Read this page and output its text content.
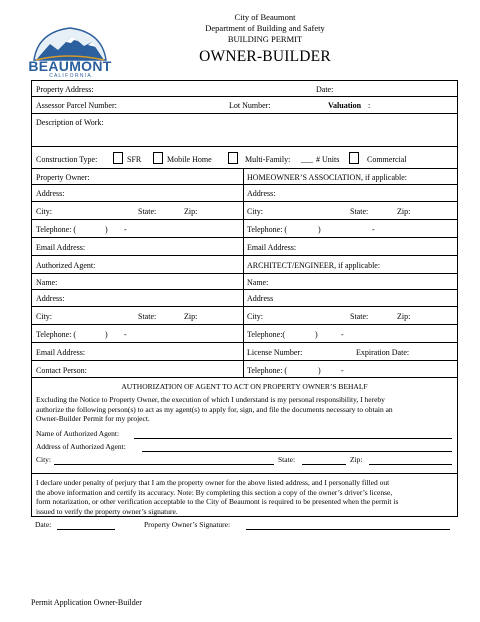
BEAUMONT
C A L I F O R N I A
City of Beaumont
Department of Building and Safety
BUILDING PERMIT
OWNER-BUILDER
Property Address:	Date:
Assessor Parcel Number:	Lot Number:	Valuation :
Description of Work:
Construction Type:	SFR	Mobile Home	Multi-Family: ___ # Units	Commercial
Property Owner:	HOMEOWNER’S ASSOCIATION, if applicable:
Address:	Address:
City:	State:	Zip:	City:	State:	Zip:
Telephone: (	) -	Telephone: (	)	-
Email Address:	Email Address:
Authorized Agent:	ARCHITECT/ENGINEER, if applicable:
Name:	Name:
Address:	Address
City:	State:	Zip:	City:	State:	Zip:
Telephone: (	) -	Telephone:(	)	-
Email Address:	License Number:	Expiration Date:
Contact Person:	Telephone: (	)	-
AUTHORIZATION OF AGENT TO ACT ON PROPERTY OWNER’S BEHALF
Excluding the Notice to Property Owner, the execution of which I understand is my personal responsibility, I hereby
authorize the following person(s) to act as my agent(s) to apply for, sign, and file the documents necessary to obtain an
Owner-Builder Permit for my project.
Name of Authorized Agent:
Address of Authorized Agent:
City:	State:	Zip:
I declare under penalty of perjury that I am the property owner for the above listed address, and I personally filled out
the above information and certify its accuracy. Note: By completing this section a copy of the owner’s driver’s license,
form notarization, or other verification acceptable to the City of Beaumont is required to be presented when the permit is
issued to verify the property owner’s signature.
Date:	Property Owner’s Signature:
Permit Application Owner-Builder
